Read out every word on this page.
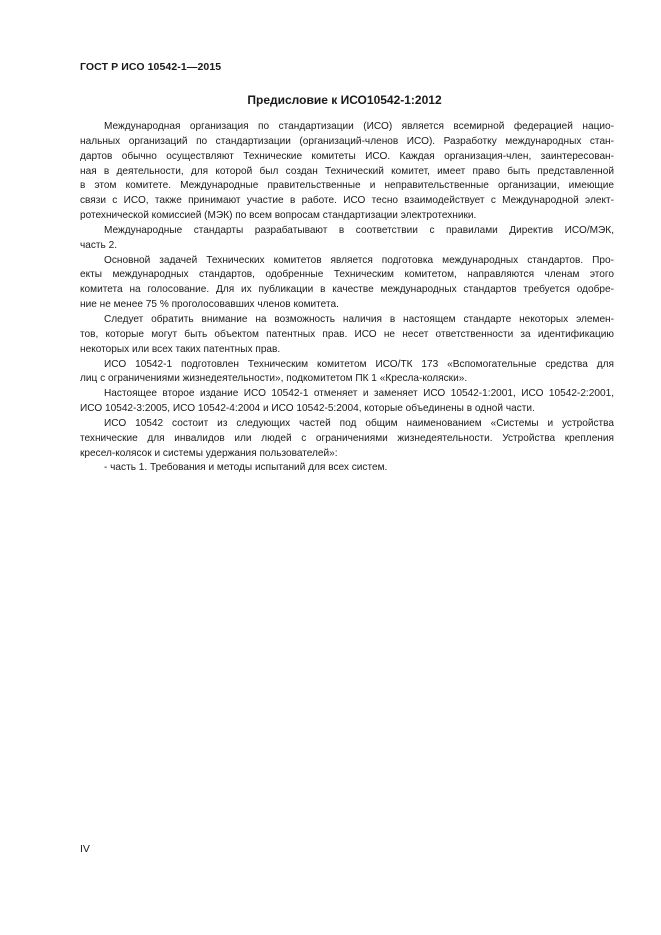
ГОСТ Р ИСО 10542-1—2015
Предисловие к ИСО10542-1:2012
Международная организация по стандартизации (ИСО) является всемирной федерацией нацио-
нальных организаций по стандартизации (организаций-членов ИСО). Разработку международных стан-
дартов обычно осуществляют Технические комитеты ИСО. Каждая организация-член, заинтересован-
ная в деятельности, для которой был создан Технический комитет, имеет право быть представленной
в этом комитете. Международные правительственные и неправительственные организации, имеющие
связи с ИСО, также принимают участие в работе. ИСО тесно взаимодействует с Международной элект-
ротехнической комиссией (МЭК) по всем вопросам стандартизации электротехники.
Международные стандарты разрабатывают в соответствии с правилами Директив ИСО/МЭК,
часть 2.
Основной задачей Технических комитетов является подготовка международных стандартов. Про-
екты международных стандартов, одобренные Техническим комитетом, направляются членам этого
комитета на голосование. Для их публикации в качестве международных стандартов требуется одобре-
ние не менее 75 % проголосовавших членов комитета.
Следует обратить внимание на возможность наличия в настоящем стандарте некоторых элемен-
тов, которые могут быть объектом патентных прав. ИСО не несет ответственности за идентификацию
некоторых или всех таких патентных прав.
ИСО 10542-1 подготовлен Техническим комитетом ИСО/ТК 173 «Вспомогательные средства для
лиц с ограничениями жизнедеятельности», подкомитетом ПК 1 «Кресла-коляски».
Настоящее второе издание ИСО 10542-1 отменяет и заменяет ИСО 10542-1:2001, ИСО 10542-2:2001,
ИСО 10542-3:2005, ИСО 10542-4:2004 и ИСО 10542-5:2004, которые объединены в одной части.
ИСО 10542 состоит из следующих частей под общим наименованием «Системы и устройства
технические для инвалидов или людей с ограничениями жизнедеятельности. Устройства крепления
кресел-колясок и системы удержания пользователей»:
- часть 1. Требования и методы испытаний для всех систем.
IV
